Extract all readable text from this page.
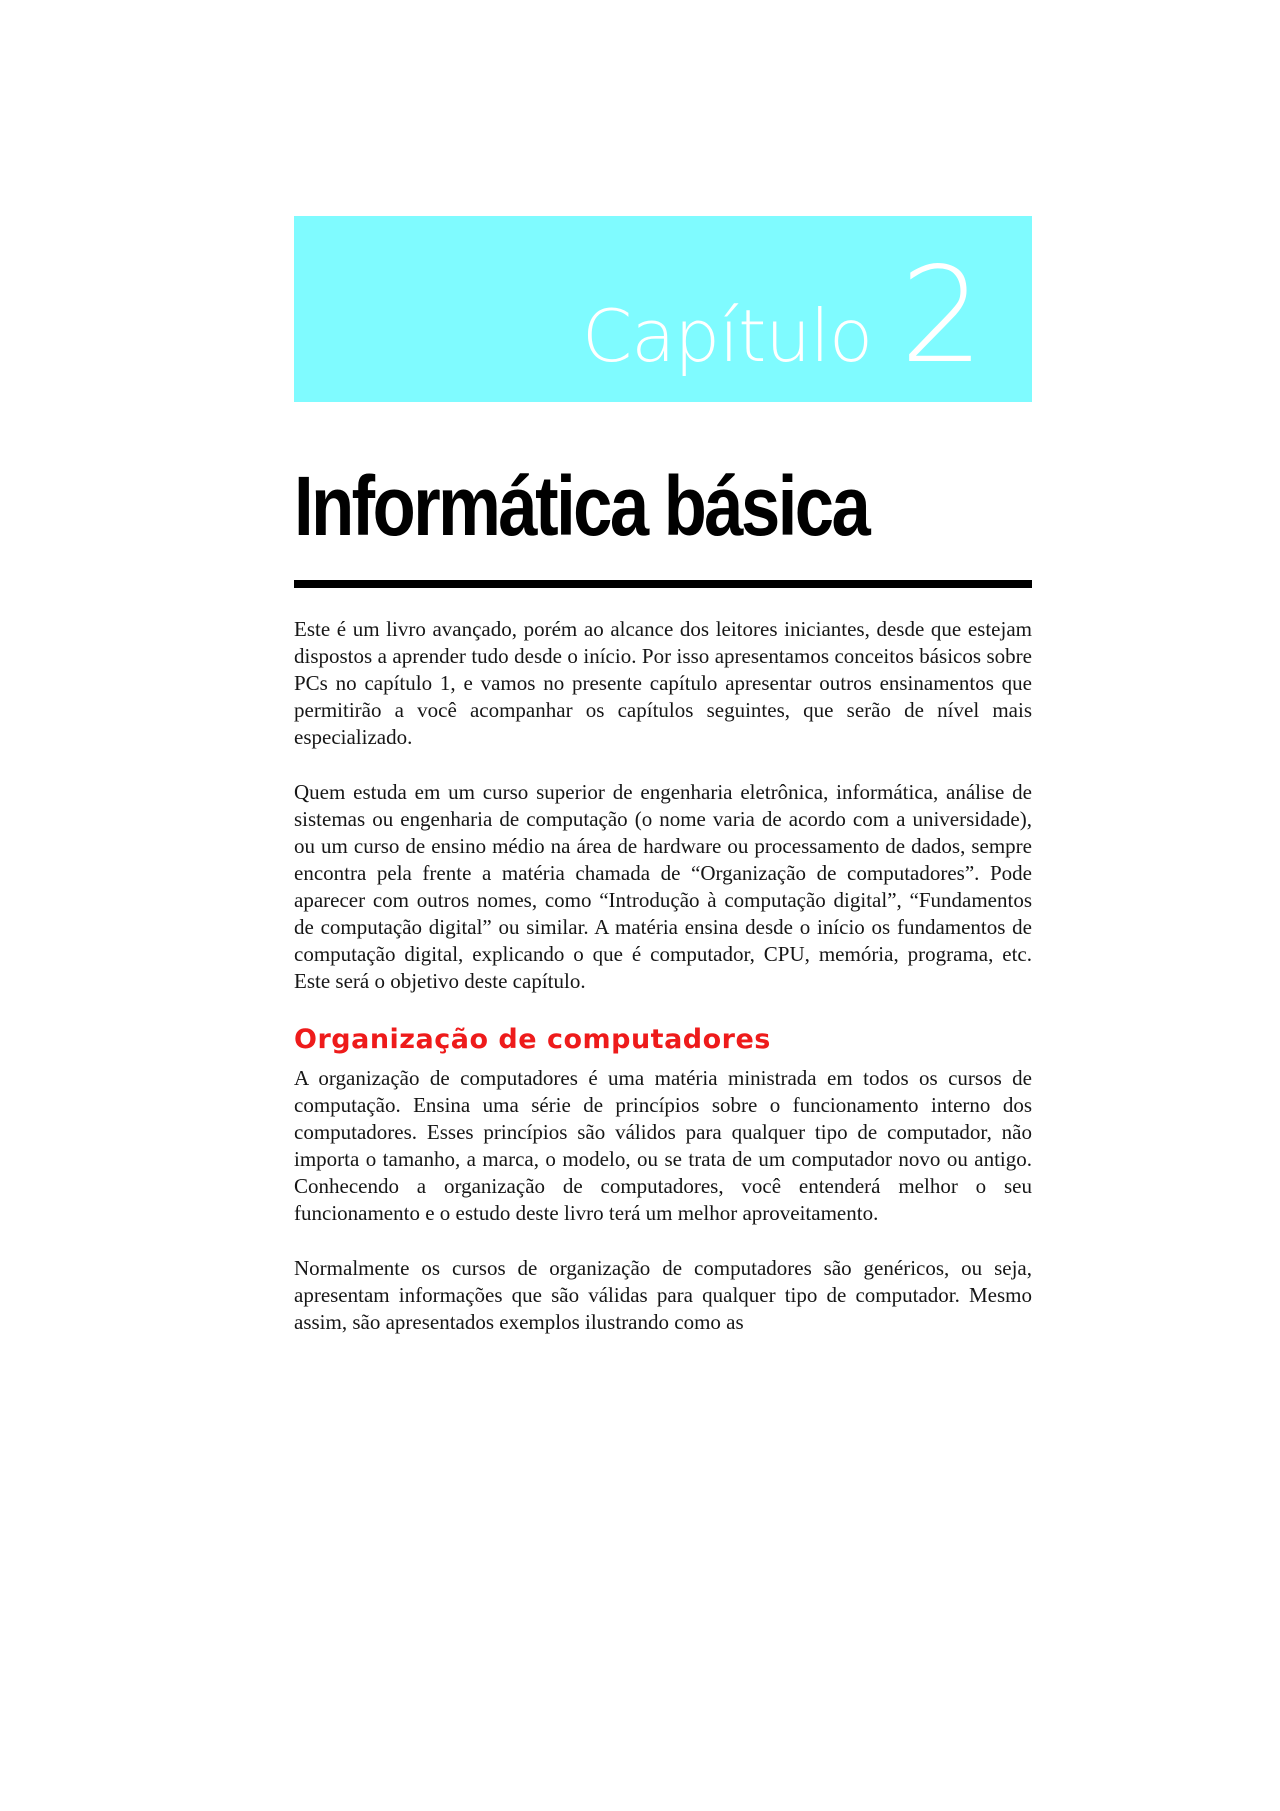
Capítulo 2
Informática básica

Este é um livro avançado, porém ao alcance dos leitores iniciantes, desde que estejam dispostos a aprender tudo desde o início. Por isso apresentamos conceitos básicos sobre PCs no capítulo 1, e vamos no presente capítulo apresentar outros ensinamentos que permitirão a você acompanhar os capítulos seguintes, que serão de nível mais especializado.

Quem estuda em um curso superior de engenharia eletrônica, informática, análise de sistemas ou engenharia de computação (o nome varia de acordo com a universidade), ou um curso de ensino médio na área de hardware ou processamento de dados, sempre encontra pela frente a matéria chamada de “Organização de computadores”. Pode aparecer com outros nomes, como “Introdução à computação digital”, “Fundamentos de computação digital” ou similar. A matéria ensina desde o início os fundamentos de computação digital, explicando o que é computador, CPU, memória, programa, etc. Este será o objetivo deste capítulo.

Organização de computadores

A organização de computadores é uma matéria ministrada em todos os cursos de computação. Ensina uma série de princípios sobre o funcionamento interno dos computadores. Esses princípios são válidos para qualquer tipo de computador, não importa o tamanho, a marca, o modelo, ou se trata de um computador novo ou antigo. Conhecendo a organização de computadores, você entenderá melhor o seu funcionamento e o estudo deste livro terá um melhor aproveitamento.

Normalmente os cursos de organização de computadores são genéricos, ou seja, apresentam informações que são válidas para qualquer tipo de computador. Mesmo assim, são apresentados exemplos ilustrando como as
